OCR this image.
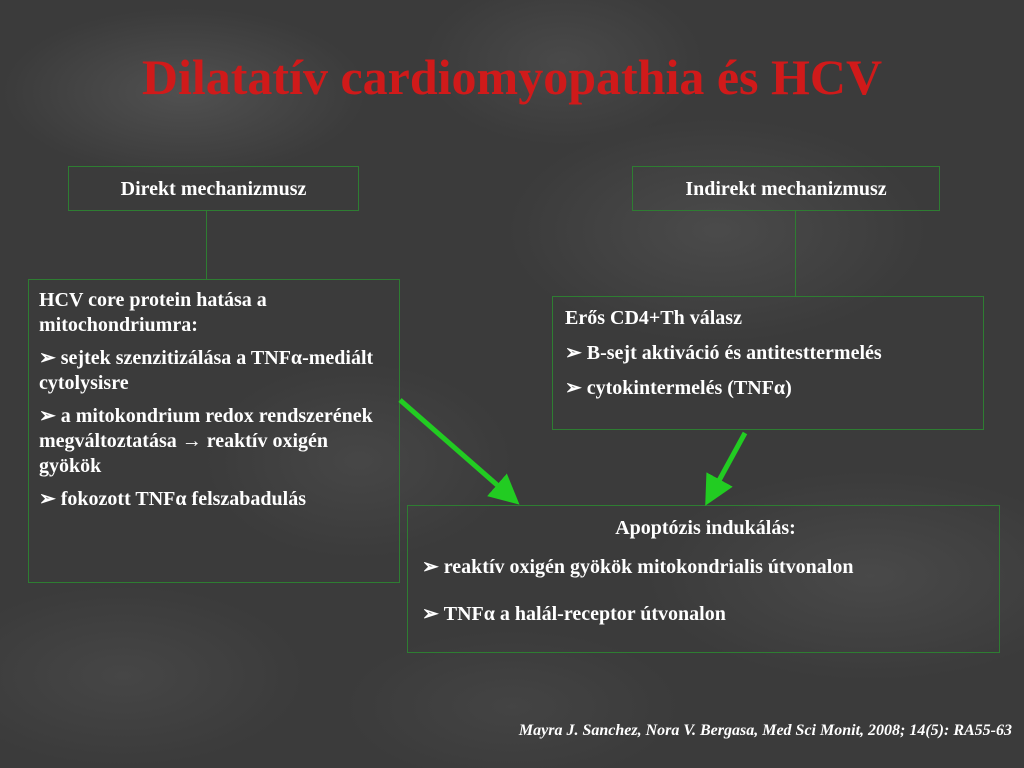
Dilatatív cardiomyopathia és HCV
Direkt mechanizmusz	Indirekt mechanizmusz

HCV core protein hatása a mitochondriumra:

➢ sejtek szenzitizálása a TNFα-mediált cytolysisre

➢ a mitokondrium redox rendszerének megváltoztatása → reaktív oxigén gyökök

➢ fokozott TNFα felszabadulás

Erős CD4+Th válasz

➢ B-sejt aktiváció és antitesttermelés

➢ cytokintermelés (TNFα)

Apoptózis indukálás:

➢ reaktív oxigén gyökök mitokondrialis útvonalon

➢ TNFα a halál-receptor útvonalon

Mayra J. Sanchez, Nora V. Bergasa, Med Sci Monit, 2008; 14(5): RA55-63
